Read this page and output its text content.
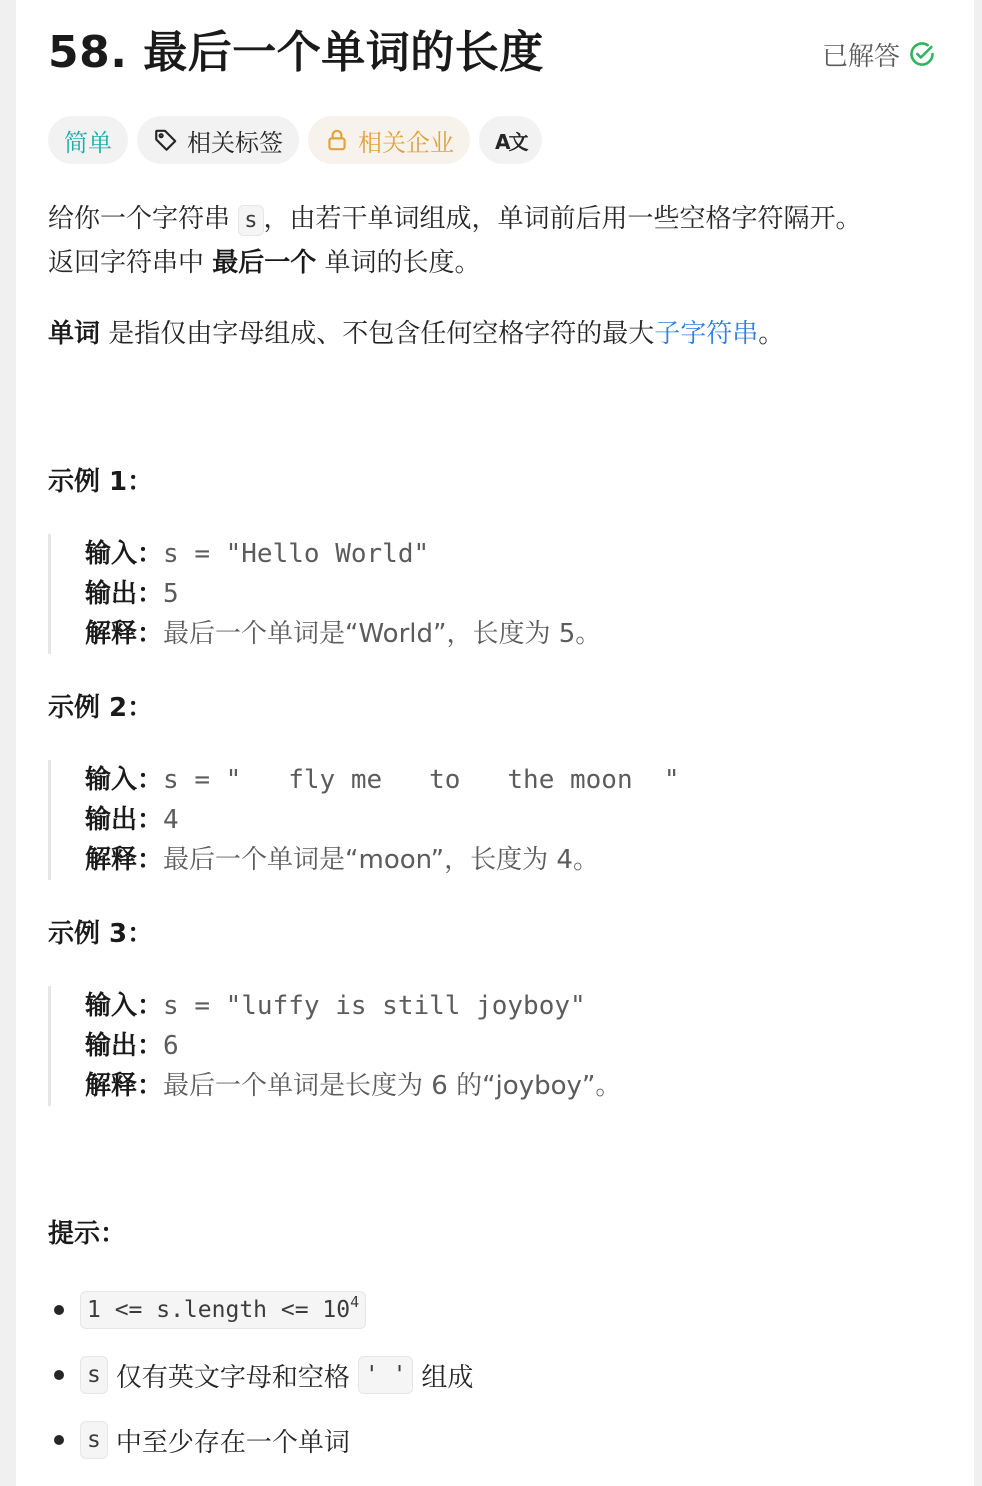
58. 最后一个单词的长度	已解答
简单	相关标签	相关企业 A文
给你一个字符串 s ，由若干单词组成，单词前后用一些空格字符隔开。
返回字符串中 最后一个 单词的长度。
单词 是指仅由字母组成、不包含任何空格字符的最大子字符串。
示例 1：
输入：s = "Hello World"
输出：5
解释：最后一个单词是“World”，长度为 5。
示例 2：
输入：s = "   fly me   to   the moon  "
输出：4
解释：最后一个单词是“moon”，长度为 4。
示例 3：
输入：s = "luffy is still joyboy"
输出：6
解释：最后一个单词是长度为 6 的“joyboy”。
提示：
1 <= s.length <= $10^4$
s 仅有英文字母和空格 ' ' 组成
s 中至少存在一个单词
